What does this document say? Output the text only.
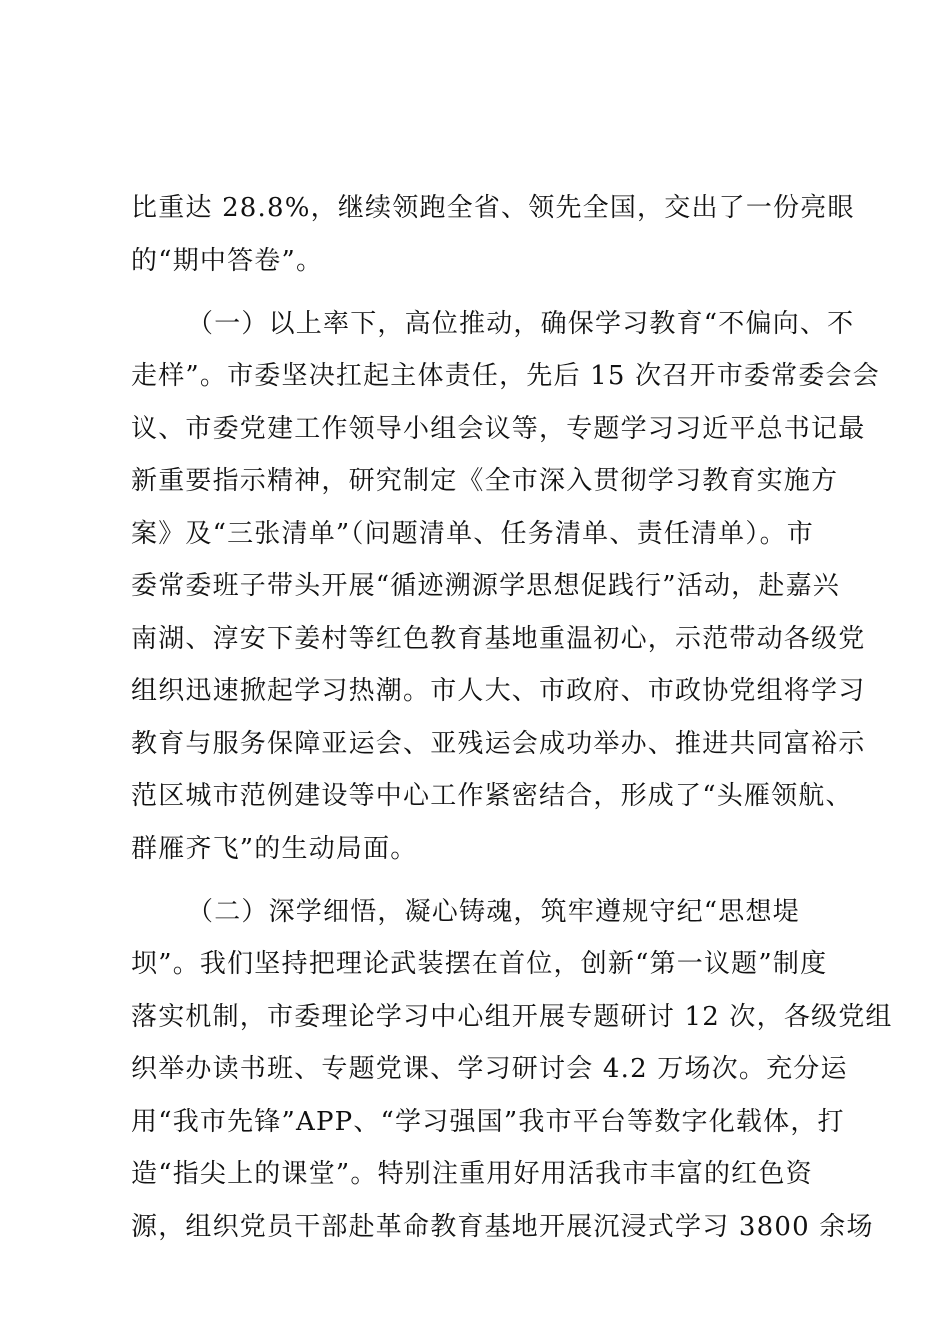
比重达 28.8%，继续领跑全省、领先全国，交出了一份亮眼
的“期中答卷”。
（一）以上率下，高位推动，确保学习教育“不偏向、不
走样”。市委坚决扛起主体责任，先后 15 次召开市委常委会会
议、市委党建工作领导小组会议等，专题学习习近平总书记最
新重要指示精神，研究制定《全市深入贯彻学习教育实施方
案》及“三张清单”（问题清单、任务清单、责任清单）。市
委常委班子带头开展“循迹溯源学思想促践行”活动，赴嘉兴
南湖、淳安下姜村等红色教育基地重温初心，示范带动各级党
组织迅速掀起学习热潮。市人大、市政府、市政协党组将学习
教育与服务保障亚运会、亚残运会成功举办、推进共同富裕示
范区城市范例建设等中心工作紧密结合，形成了“头雁领航、
群雁齐飞”的生动局面。
（二）深学细悟，凝心铸魂，筑牢遵规守纪“思想堤
坝”。我们坚持把理论武装摆在首位，创新“第一议题”制度
落实机制，市委理论学习中心组开展专题研讨 12 次，各级党组
织举办读书班、专题党课、学习研讨会 4.2 万场次。充分运
用“我市先锋”APP、“学习强国”我市平台等数字化载体，打
造“指尖上的课堂”。特别注重用好用活我市丰富的红色资
源，组织党员干部赴革命教育基地开展沉浸式学习 3800 余场
